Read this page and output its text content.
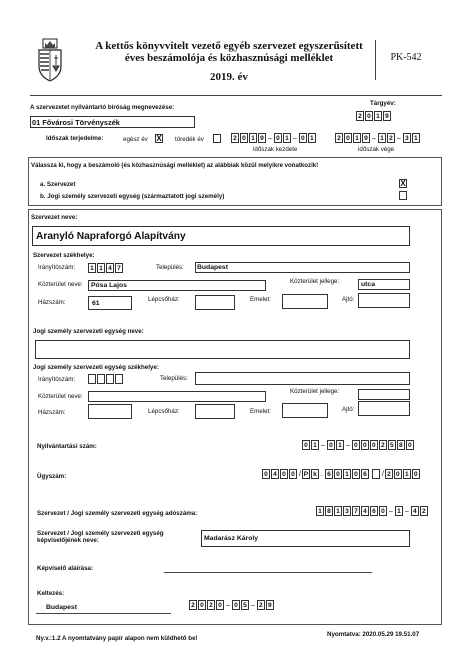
A kettős könyvvitelt vezető egyéb szervezet egyszerűsített
éves beszámolója és közhasznúsági melléklet
2019. év
PK-542
A szervezetet nyilvántartó bíróság megnevezése:
Tárgyév:
2 0 1 9
01 Fővárosi Törvényszék
Időszak terjedelme:	egész év X töredék év	2 0 1 9 – 0 1 – 0 1	2 0 1 9 – 1 2 – 3 1
időszak kezdete	időszak vége
Válassza ki, hogy a beszámoló (és közhasznúsági melléklet) az alábbiak közül melyikre vonatkozik!
a. Szervezet	X
b. Jogi személy szervezeti egység (származtatott jogi személy)
Szervezet neve:
Aranyló Napraforgó Alapítvány
Szervezet székhelye:
Irányítószám:	1 1 4 7	Település: Budapest
Közterület neve: Pósa Lajos
Közterület jellege:	utca
Házszám:	61
Lépcsőház:	Emelet:	Ajtó:
Jogi személy szervezeti egység neve:
Jogi személy szervezeti egység székhelye:
Irányítószám:	Település:
Közterület neve:
Közterület jellege:
Házszám:	Lépcsőház:	Emelet:	Ajtó:
Nyilvántartási szám:	0 1 – 0 1 – 0 0 0 2 5 8 0
Ügyszám:	0 4 0 0 / P k . 6 0 1 0 6	/ 2 0 1 0
Szervezet / Jogi személy szervezeti egység adószáma:	1 8 1 3 7 4 6 0 – 1 – 4 2
Szervezet / Jogi személy szervezeti egység
képviselőjének neve:	Madarász Károly
Képviselő aláírása:
Keltezés:
Budapest	2 0 2 0 – 0 5 – 2 9
Ny.v.:1.2 A nyomtatvány papír alapon nem küldhető be!
Nyomtatva: 2020.05.29 19.51.07
